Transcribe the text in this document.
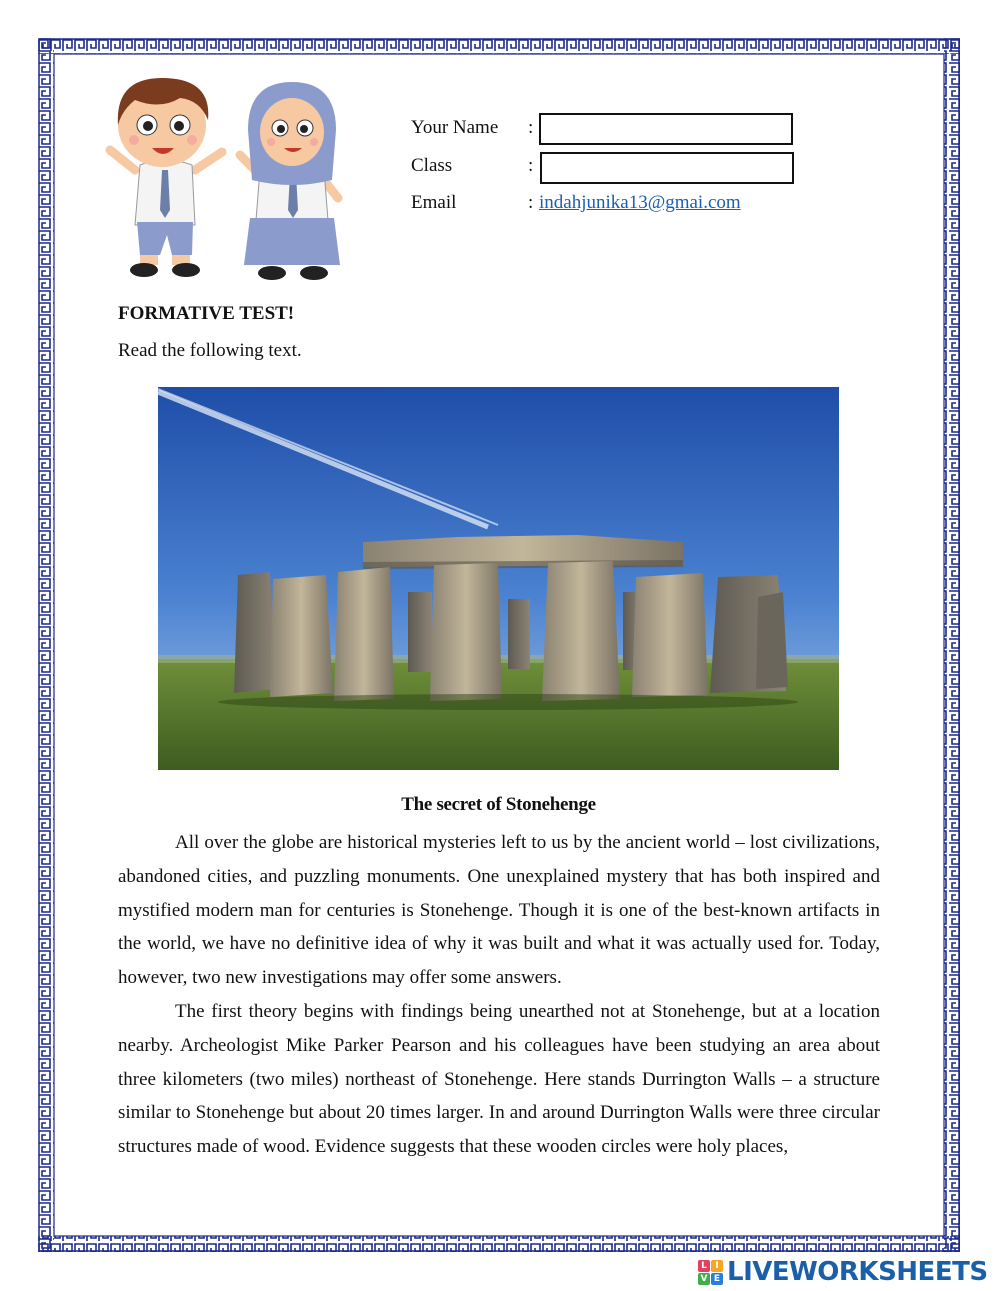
Your Name :
Class	:
Email	: indahjunika13@gmai.com
FORMATIVE TEST!
Read the following text.
The secret of Stonehenge

All over the globe are historical mysteries left to us by the ancient world – lost civilizations, abandoned cities, and puzzling monuments. One unexplained mystery that has both inspired and mystified modern man for centuries is Stonehenge. Though it is one of the best-known artifacts in the world, we have no definitive idea of why it was built and what it was actually used for. Today, however, two new investigations may offer some answers.

The first theory begins with findings being unearthed not at Stonehenge, but at a location nearby. Archeologist Mike Parker Pearson and his colleagues have been studying an area about three kilometers (two miles) northeast of Stonehenge. Here stands Durrington Walls – a structure similar to Stonehenge but about 20 times larger. In and around Durrington Walls were three circular structures made of wood. Evidence suggests that these wooden circles were holy places,

L I
V E LIVEWORKSHEETS
